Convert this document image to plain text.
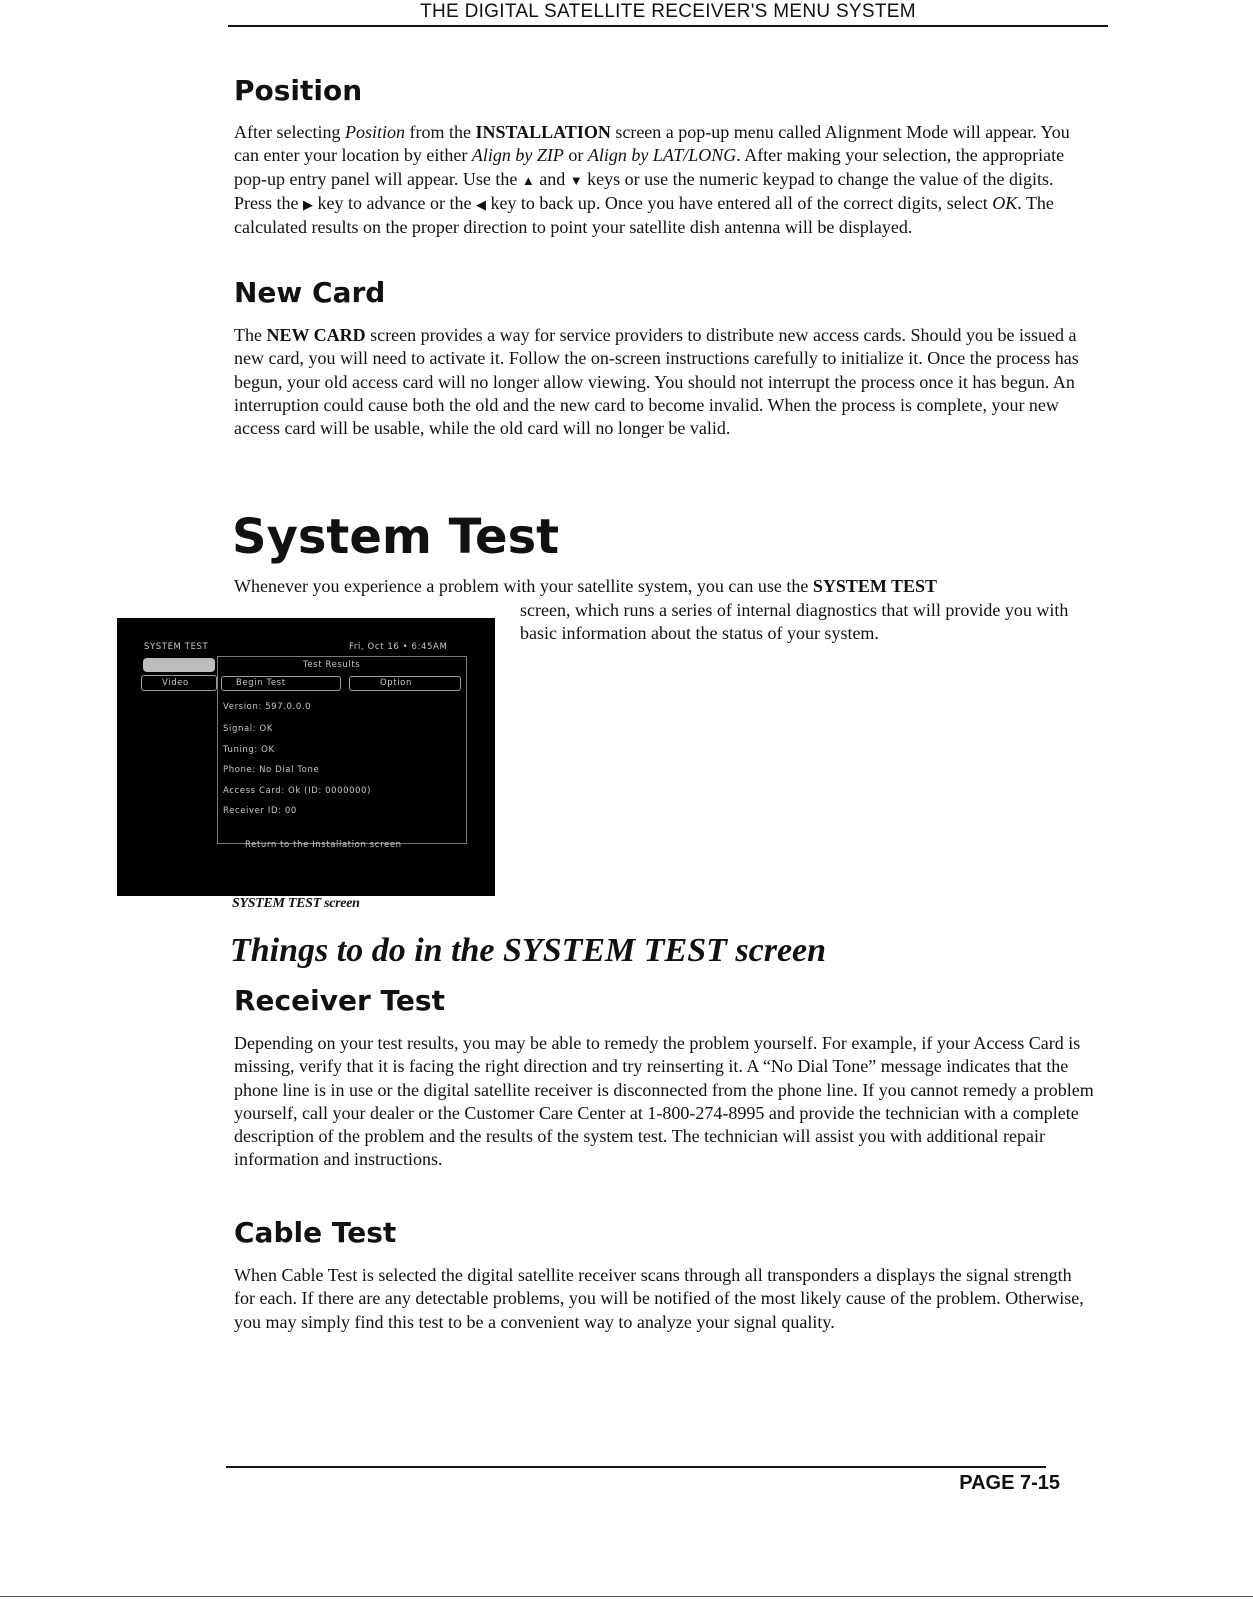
THE DIGITAL SATELLITE RECEIVER'S MENU SYSTEM
Position

After selecting Position from the INSTALLATION screen a pop-up menu called Alignment Mode will appear. You can enter your location by either Align by ZIP or Align by LAT/LONG. After making your selection, the appropriate pop-up entry panel will appear. Use the ▲ and ▼ keys or use the numeric keypad to change the value of the digits. Press the ▶ key to advance or the ◀ key to back up. Once you have entered all of the correct digits, select OK. The calculated results on the proper direction to point your satellite dish antenna will be displayed.

New Card

The NEW CARD screen provides a way for service providers to distribute new access cards. Should you be issued a new card, you will need to activate it. Follow the on-screen instructions carefully to initialize it. Once the process has begun, your old access card will no longer allow viewing. You should not interrupt the process once it has begun. An interruption could cause both the old and the new card to become invalid. When the process is complete, your new access card will be usable, while the old card will no longer be valid.

System Test

Whenever you experience a problem with your satellite system, you can use the SYSTEM TEST

screen, which runs a series of internal diagnostics that will provide you with basic information about the status of your system.

SYSTEM TEST	Fri, Oct 16 • 6:45AM
Video
Test Results
Begin Test	Option
Version: 597.0.0.0
Signal: OK
Tuning: OK
Phone: No Dial Tone
Access Card: Ok (ID: 0000000)
Receiver ID: 00
Return to the Installation screen
SYSTEM TEST screen
Things to do in the SYSTEM TEST screen
Receiver Test

Depending on your test results, you may be able to remedy the problem yourself. For example, if your Access Card is missing, verify that it is facing the right direction and try reinserting it. A “No Dial Tone” message indicates that the phone line is in use or the digital satellite receiver is disconnected from the phone line. If you cannot remedy a problem yourself, call your dealer or the Customer Care Center at 1-800-274-8995 and provide the technician with a complete description of the problem and the results of the system test. The technician will assist you with additional repair information and instructions.

Cable Test

When Cable Test is selected the digital satellite receiver scans through all transponders a displays the signal strength for each. If there are any detectable problems, you will be notified of the most likely cause of the problem. Otherwise, you may simply find this test to be a convenient way to analyze your signal quality.

PAGE 7-15
